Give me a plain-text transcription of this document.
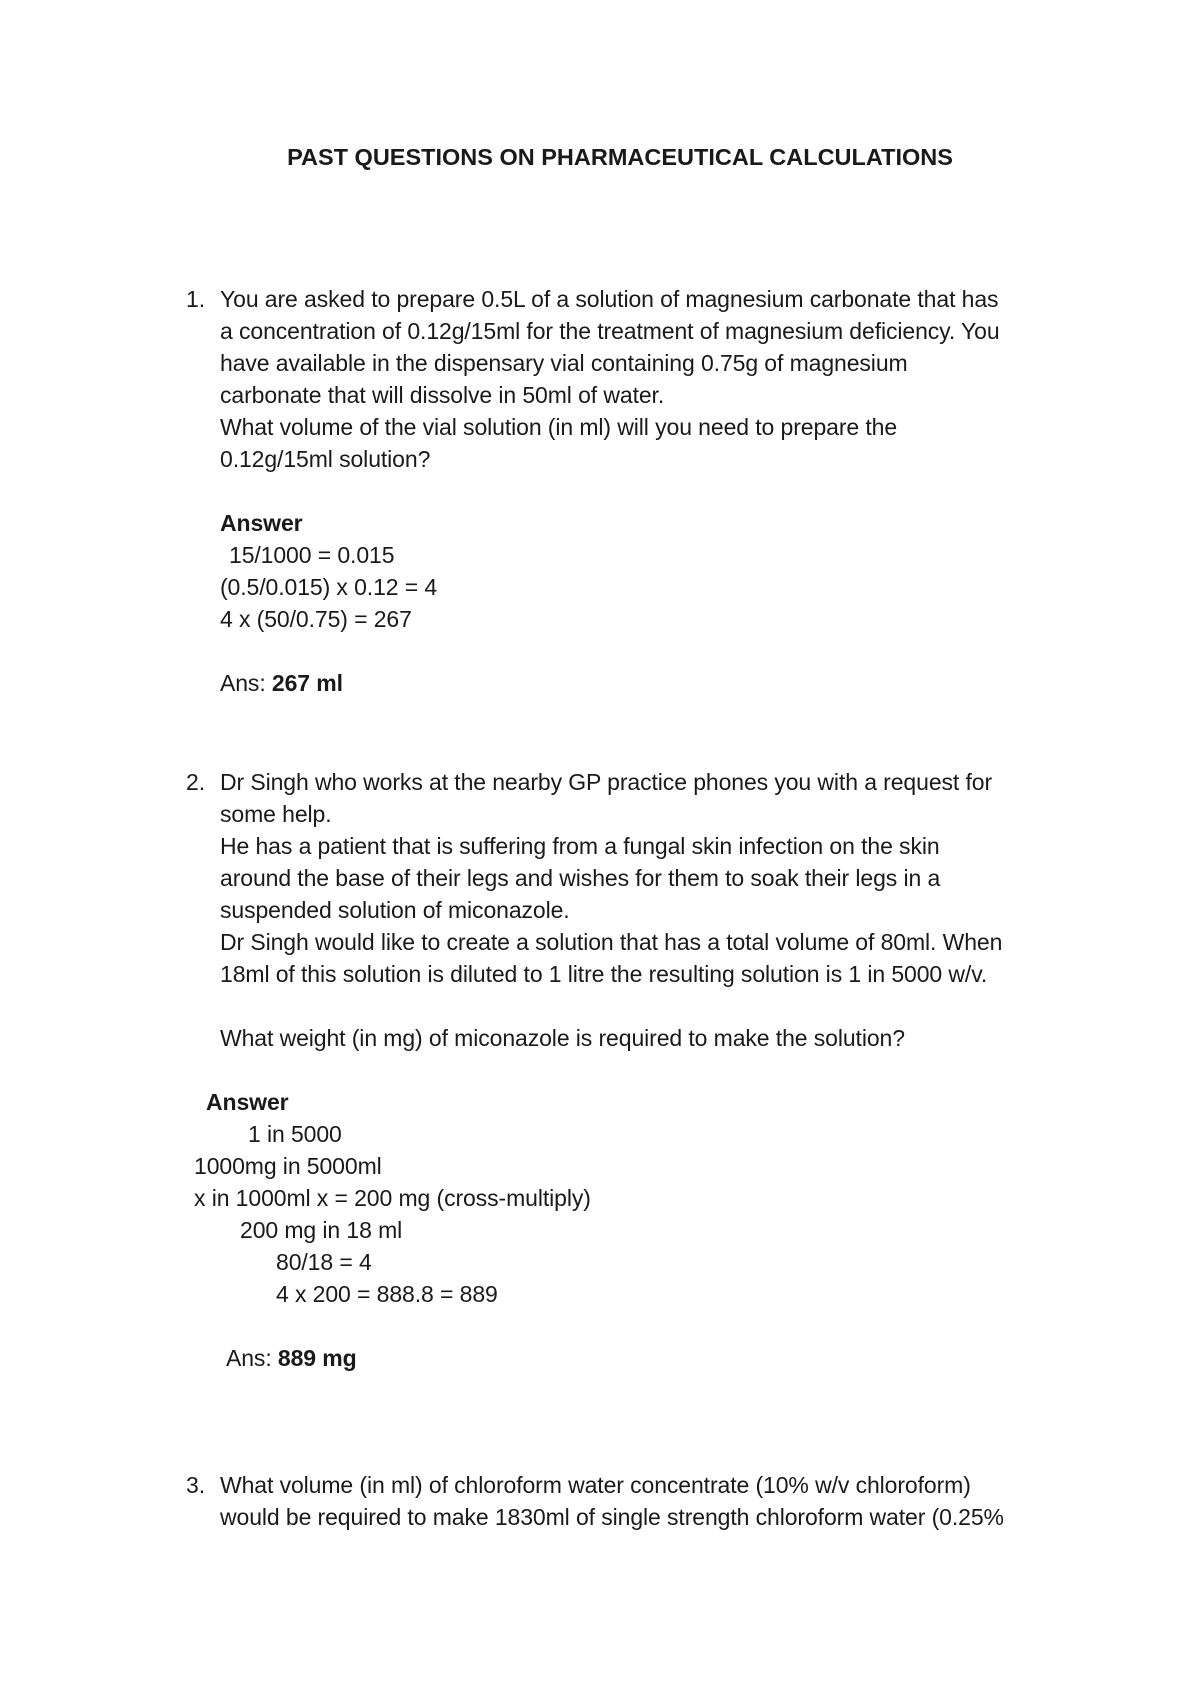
PAST QUESTIONS ON PHARMACEUTICAL CALCULATIONS
1. You are asked to prepare 0.5L of a solution of magnesium carbonate that has
a concentration of 0.12g/15ml for the treatment of magnesium deficiency. You
have available in the dispensary vial containing 0.75g of magnesium
carbonate that will dissolve in 50ml of water.
What volume of the vial solution (in ml) will you need to prepare the
0.12g/15ml solution?
Answer
15/1000 = 0.015
(0.5/0.015) x 0.12 = 4
4 x (50/0.75) = 267
Ans: 267 ml
2. Dr Singh who works at the nearby GP practice phones you with a request for
some help.
He has a patient that is suffering from a fungal skin infection on the skin
around the base of their legs and wishes for them to soak their legs in a
suspended solution of miconazole.
Dr Singh would like to create a solution that has a total volume of 80ml. When
18ml of this solution is diluted to 1 litre the resulting solution is 1 in 5000 w/v.
What weight (in mg) of miconazole is required to make the solution?
Answer
1 in 5000
1000mg in 5000ml
x in 1000ml x = 200 mg (cross-multiply)
200 mg in 18 ml
80/18 = 4
4 x 200 = 888.8 = 889
Ans: 889 mg
3. What volume (in ml) of chloroform water concentrate (10% w/v chloroform)
would be required to make 1830ml of single strength chloroform water (0.25%
